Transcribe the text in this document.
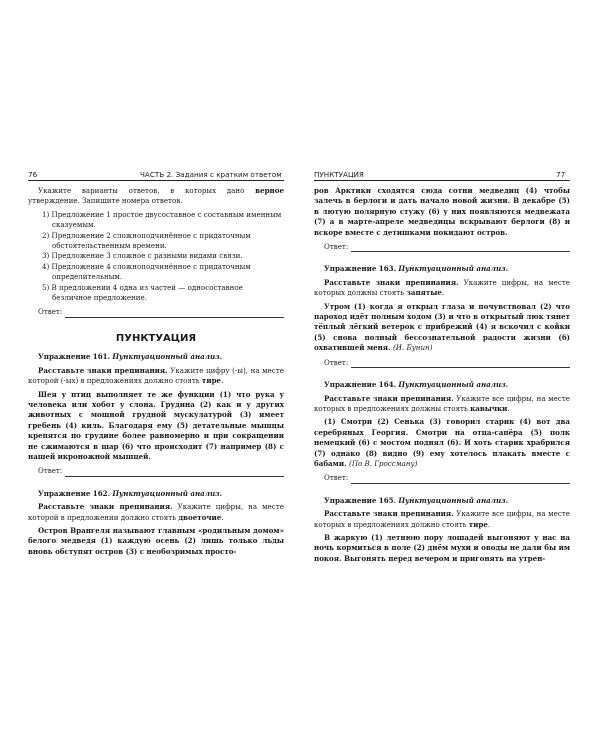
76	ЧАСТЬ 2. Задания с кратким ответом

Укажите варианты ответов, в которых дано верное утверждение. Запишите номера ответов.

1) Предложение 1 простое двусоставное с составным именным сказуемым.
2) Предложение 2 сложноподчинённое с придаточным обстоятельственным времени.
3) Предложение 3 сложное с разными видами связи.
4) Предложение 4 сложноподчинённое с придаточным определительным.
5) В предложении 4 одна из частей — односоставное безличное предложение.
Ответ:
ПУНКТУАЦИЯ

Упражнение 161. Пунктуационный анализ.

Расставьте знаки препинания. Укажите цифру (-ы), на месте которой (-ых) в предложениях должно стоять тире.

Шея у птиц выполняет те же функции (1) что рука у человека или хобот у слона. Грудина (2) как и у других животных с мощной грудной мускулатурой (3) имеет гребень (4) киль. Благодаря ему (5) детательные мышцы крепятся по грудине более равномерно и при сокращении не сжимаются в шар (6) что происходит (7) например (8) с нашей икроножной мышцей.

Ответ:

Упражнение 162. Пунктуационный анализ.

Расставьте знаки препинания. Укажите цифры, на месте которой в предложении должно стоять двоеточие.

Остров Врангеля называют главным «родильным домом» белого медведя (1) каждую осень (2) лишь только льды вновь обступят остров (3) с необозримых просто-

ПУНКТУАЦИЯ	77

ров Арктики сходятся сюда сотни медведиц (4) чтобы залечь в берлоги и дать начало новой жизни. В декабре (5) в лютую полярную стужу (6) у них появляются медвежата (7) а в марте-апреле медведицы вскрывают берлоги (8) и вскоре вместе с детишками покидают остров.

Ответ:

Упражнение 163. Пунктуационный анализ.

Расставьте знаки препинания. Укажите цифры, на месте которых должны стоять запятые.

Утром (1) когда я открыл глаза и почувствовал (2) что пароход идёт полным ходом (3) и что в открытый люк тянет тёплый лёгкий ветерок с прибрежий (4) я вскочил с койки (5) снова полный бессознательной радости жизни (6) охватившей меня. (И. Бунин)

Ответ:

Упражнение 164. Пунктуационный анализ.

Расставьте знаки препинания. Укажите все цифры, на месте которых в предложениях должны стоять кавычки.

(1) Смотри (2) Сенька (3) говорил старик (4) вот два серебряных Георгия. Смотри на отца-сапёра (5) полк немецкий (6) с мостом поднял (6). И хоть старик храбрился (7) однако (8) видно (9) ему хотелось плакать вместе с бабами. (По В. Гроссману)

Ответ:

Упражнение 165. Пунктуационный анализ.

Расставьте знаки препинания. Укажите все цифры, на месте которых в предложениях должно стоять тире.

В жаркую (1) летнюю пору лошадей выгоняют у нас на ночь кормиться в поле (2) днём мухи и оводы не дали бы им покоя. Выгонять перед вечером и пригонять на утрен-
